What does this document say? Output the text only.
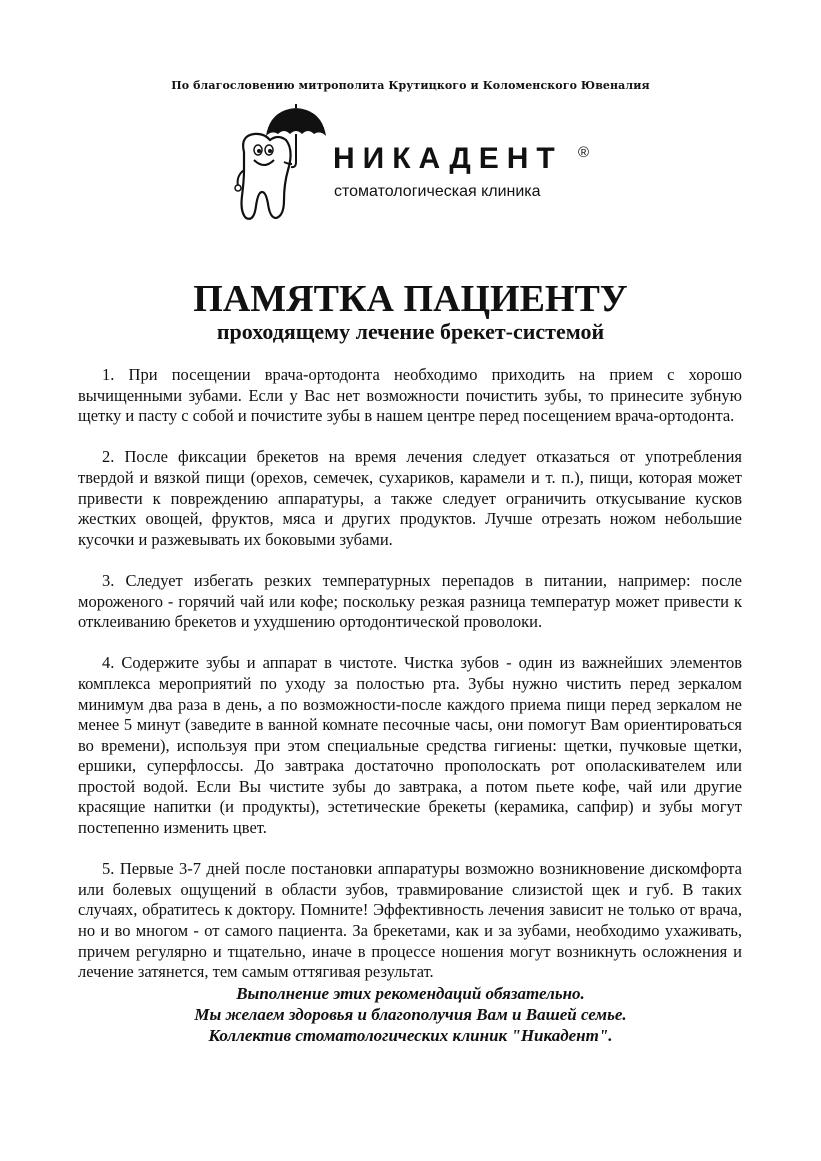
По благословению митрополита Крутицкого и Коломенского Ювеналия
НИКАДЕНТ ®
стоматологическая клиника
ПАМЯТКА ПАЦИЕНТУ
проходящему лечение брекет-системой

1. При посещении врача-ортодонта необходимо приходить на прием с хорошо вычищенными зубами. Если у Вас нет возможности почистить зубы, то принесите зубную щетку и пасту с собой и почистите зубы в нашем центре перед посещением врача-ортодонта.

2. После фиксации брекетов на время лечения следует отказаться от употребления твердой и вязкой пищи (орехов, семечек, сухариков, карамели и т. п.), пищи, которая может привести к повреждению аппаратуры, а также следует ограничить откусывание кусков жестких овощей, фруктов, мяса и других продуктов. Лучше отрезать ножом небольшие кусочки и разжевывать их боковыми зубами.

3. Следует избегать резких температурных перепадов в питании, например: после мороженого - горячий чай или кофе; поскольку резкая разница температур может привести к отклеиванию брекетов и ухудшению ортодонтической проволоки.

4. Содержите зубы и аппарат в чистоте. Чистка зубов - один из важнейших элементов комплекса мероприятий по уходу за полостью рта. Зубы нужно чистить перед зеркалом минимум два раза в день, а по возможности-после каждого приема пищи перед зеркалом не менее 5 минут (заведите в ванной комнате песочные часы, они помогут Вам ориентироваться во времени), используя при этом специальные средства гигиены: щетки, пучковые щетки, ершики, суперфлоссы. До завтрака достаточно прополоскать рот ополаскивателем или простой водой. Если Вы чистите зубы до завтрака, а потом пьете кофе, чай или другие красящие напитки (и продукты), эстетические брекеты (керамика, сапфир) и зубы могут постепенно изменить цвет.

5. Первые 3-7 дней после постановки аппаратуры возможно возникновение дискомфорта или болевых ощущений в области зубов, травмирование слизистой щек и губ. В таких случаях, обратитесь к доктору. Помните! Эффективность лечения зависит не только от врача, но и во многом - от самого пациента. За брекетами, как и за зубами, необходимо ухаживать, причем регулярно и тщательно, иначе в процессе ношения могут возникнуть осложнения и лечение затянется, тем самым оттягивая результат.

Выполнение этих рекомендаций обязательно.
Мы желаем здоровья и благополучия Вам и Вашей семье.
Коллектив стоматологических клиник "Никадент".
